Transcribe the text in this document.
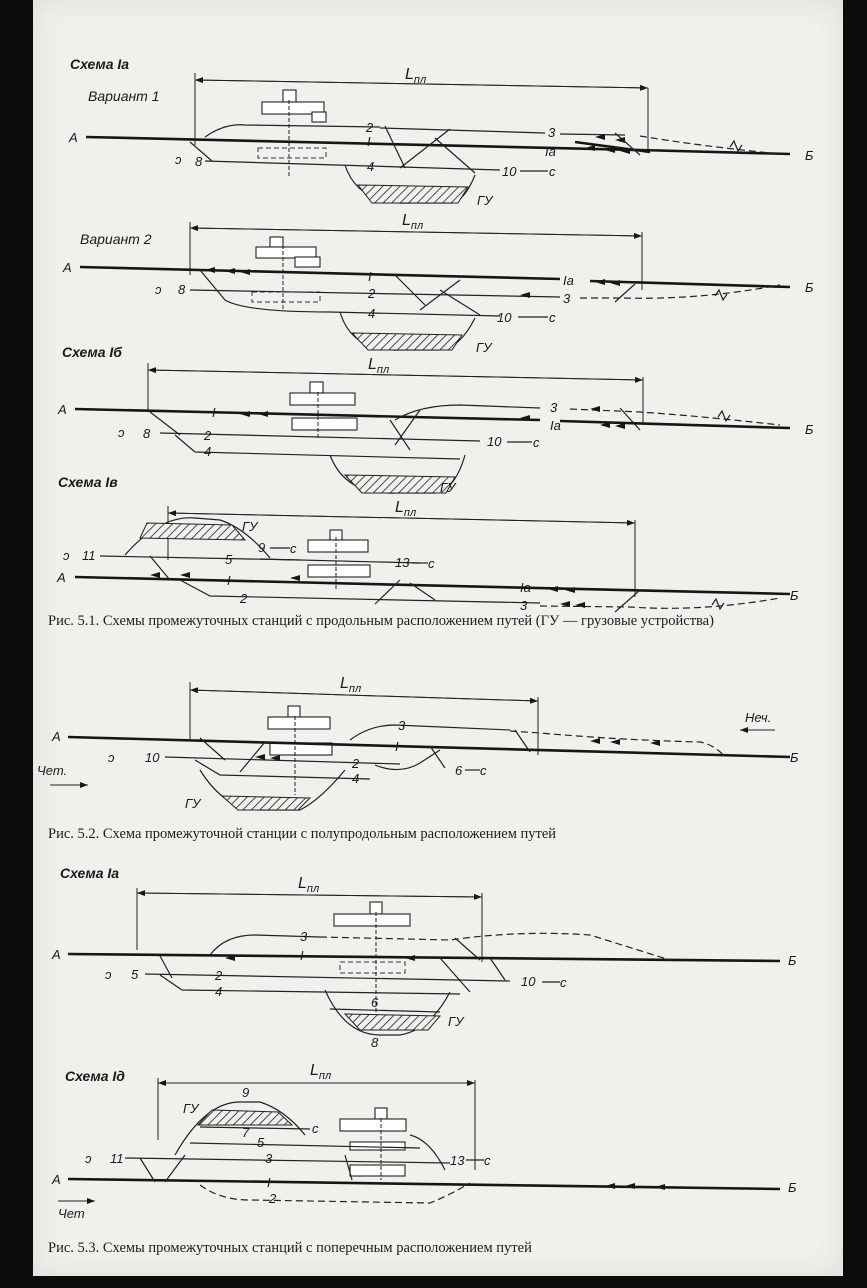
Схема Iа
Вариант 1
$L_{пл}$
А
Б
I
Iа
2	3
ↄ 8	4	10	c
ГУ
Вариант 2
$L_{пл}$
А
Б
I	Iа
ↄ 8	2	3
4	10	c
ГУ
Схема Iб
$L_{пл}$
А
Б
I
Iа
3
ↄ 8	2	10 c
4
ГУ
Схема Iв
$L_{пл}$
ГУ
ↄ 11
9 c
5	13 c
А
Б
I	Iа
2	3
$L_{пл}$
Неч.
А
Б
3
I
ↄ 10	2	6 c
4
Чет.
ГУ
Схема Iа
$L_{пл}$
3
А	Б
I
ↄ 5	2	10 c
4
6
ГУ
8
Схема Iд	$L_{пл}$
9
ГУ
7	c
5
ↄ 11	3	13 c
А
Б
I
2
Чет
Рис. 5.1. Схемы промежуточных станций с продольным расположением путей (ГУ — грузовые устройства)
Рис. 5.2. Схема промежуточной станции с полупродольным расположением путей
Рис. 5.3. Схемы промежуточных станций с поперечным расположением путей
